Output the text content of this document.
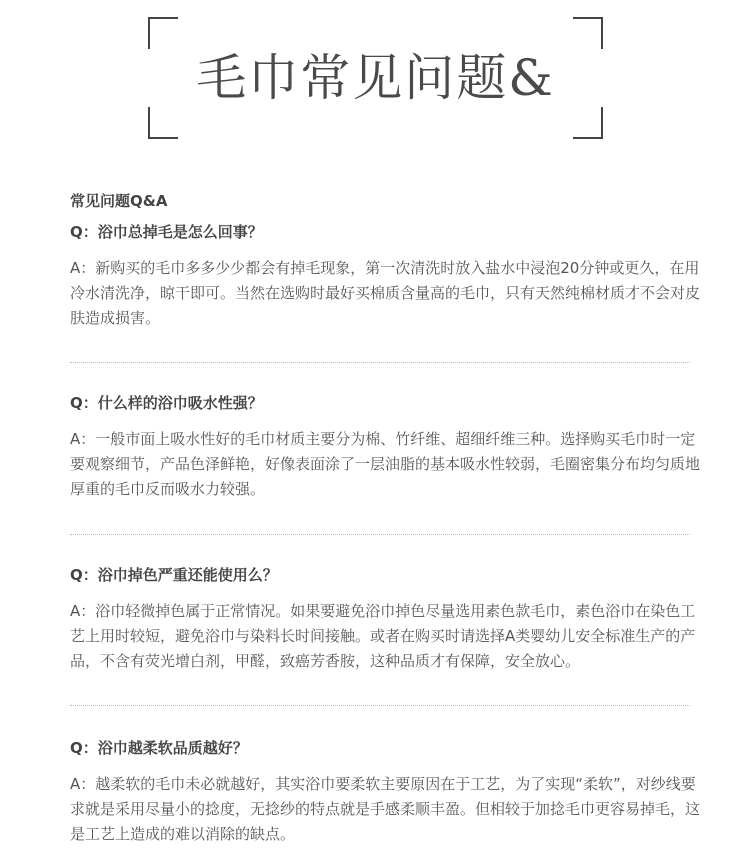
毛巾常见问题&
常见问题Q&A

Q：浴巾总掉毛是怎么回事？

A：新购买的毛巾多多少少都会有掉毛现象，第一次清洗时放入盐水中浸泡20分钟或更久，在用冷水清洗净，晾干即可。当然在选购时最好买棉质含量高的毛巾，只有天然纯棉材质才不会对皮肤造成损害。

Q：什么样的浴巾吸水性强？

A：一般市面上吸水性好的毛巾材质主要分为棉、竹纤维、超细纤维三种。选择购买毛巾时一定要观察细节，产品色泽鲜艳，好像表面涂了一层油脂的基本吸水性较弱，毛圈密集分布均匀质地厚重的毛巾反而吸水力较强。

Q：浴巾掉色严重还能使用么？

A：浴巾轻微掉色属于正常情况。如果要避免浴巾掉色尽量选用素色款毛巾，素色浴巾在染色工艺上用时较短，避免浴巾与染料长时间接触。或者在购买时请选择A类婴幼儿安全标准生产的产品，不含有荧光增白剂，甲醛，致癌芳香胺，这种品质才有保障，安全放心。

Q：浴巾越柔软品质越好？

A：越柔软的毛巾未必就越好，其实浴巾要柔软主要原因在于工艺，为了实现“柔软”，对纱线要求就是采用尽量小的捻度，无捻纱的特点就是手感柔顺丰盈。但相较于加捻毛巾更容易掉毛，这是工艺上造成的难以消除的缺点。
